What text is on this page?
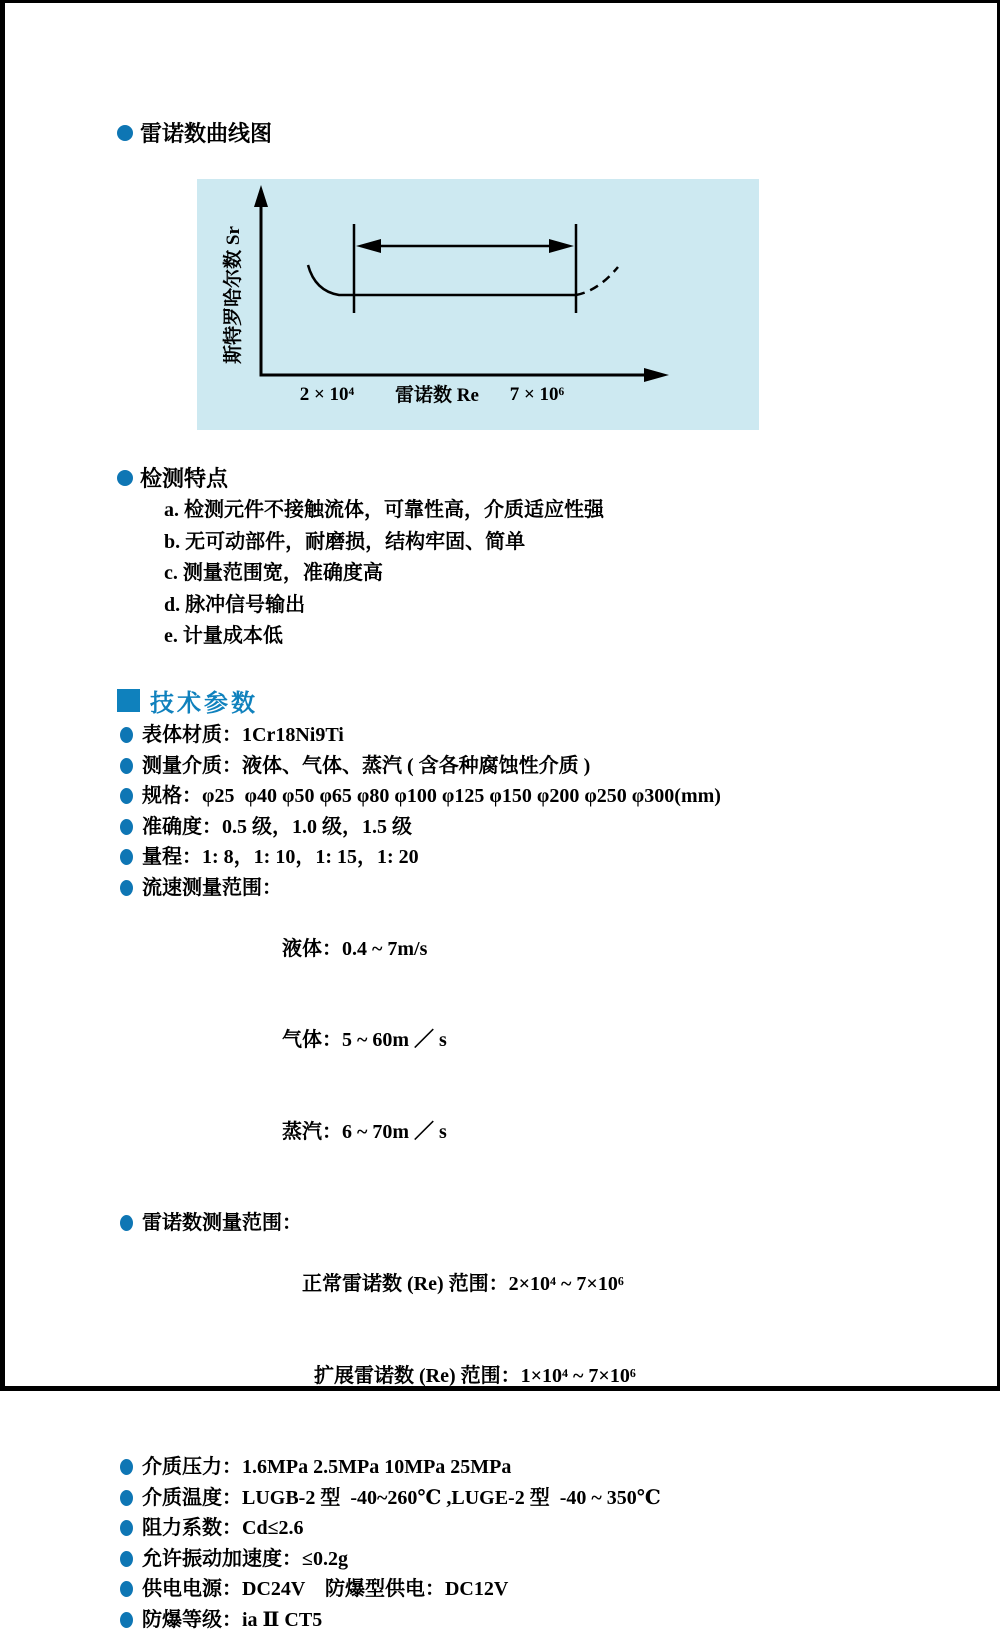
雷诺数曲线图
斯特罗哈尔数 Sr
2 × 10⁴ 雷诺数 Re 7 × 10⁶
检测特点
a. 检测元件不接触流体，可靠性高，介质适应性强
b. 无可动部件，耐磨损，结构牢固、简单
c. 测量范围宽，准确度高
d. 脉冲信号输出
e. 计量成本低
技术参数
表体材质： 1Cr18Ni9Ti
测量介质： 液体、气体、蒸汽 ( 含各种腐蚀性介质 )
规格： φ25  φ40 φ50 φ65 φ80 φ100 φ125 φ150 φ200 φ250 φ300(mm)
准确度： 0.5 级，1.0 级，1.5 级
量程： 1: 8，1: 10，1: 15，1: 20
流速测量范围：

液体：0.4 ~ 7m/s

气体：5 ~ 60m ／ s

蒸汽：6 ~ 70m ／ s

雷诺数测量范围：

正常雷诺数 (Re) 范围：2×10⁴ ~ 7×10⁶

扩展雷诺数 (Re) 范围：1×10⁴ ~ 7×10⁶

介质压力： 1.6MPa 2.5MPa 10MPa 25MPa
介质温度： LUGB-2 型  -40~260℃ ,LUGE-2 型  -40 ~ 350℃
阻力系数： Cd≤2.6
允许振动加速度： ≤0.2g
供电电源： DC24V    防爆型供电：DC12V
防爆等级： ia Ⅱ CT5
